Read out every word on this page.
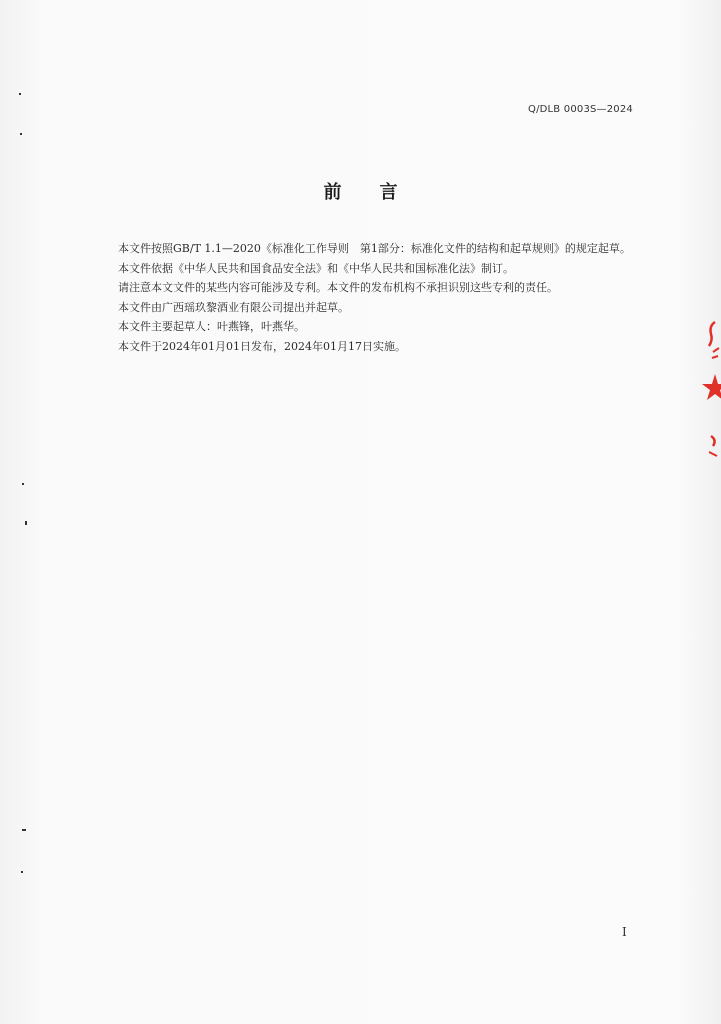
Q/DLB 0003S—2024
前 言

本文件按照GB/T 1.1—2020《标准化工作导则　第1部分：标准化文件的结构和起草规则》的规定起草。

本文件依据《中华人民共和国食品安全法》和《中华人民共和国标准化法》制订。

请注意本文文件的某些内容可能涉及专利。本文件的发布机构不承担识别这些专利的责任。

本文件由广西瑶玖黎酒业有限公司提出并起草。

本文件主要起草人：叶燕锋，叶燕华。

本文件于2024年01月01日发布，2024年01月17日实施。

I
